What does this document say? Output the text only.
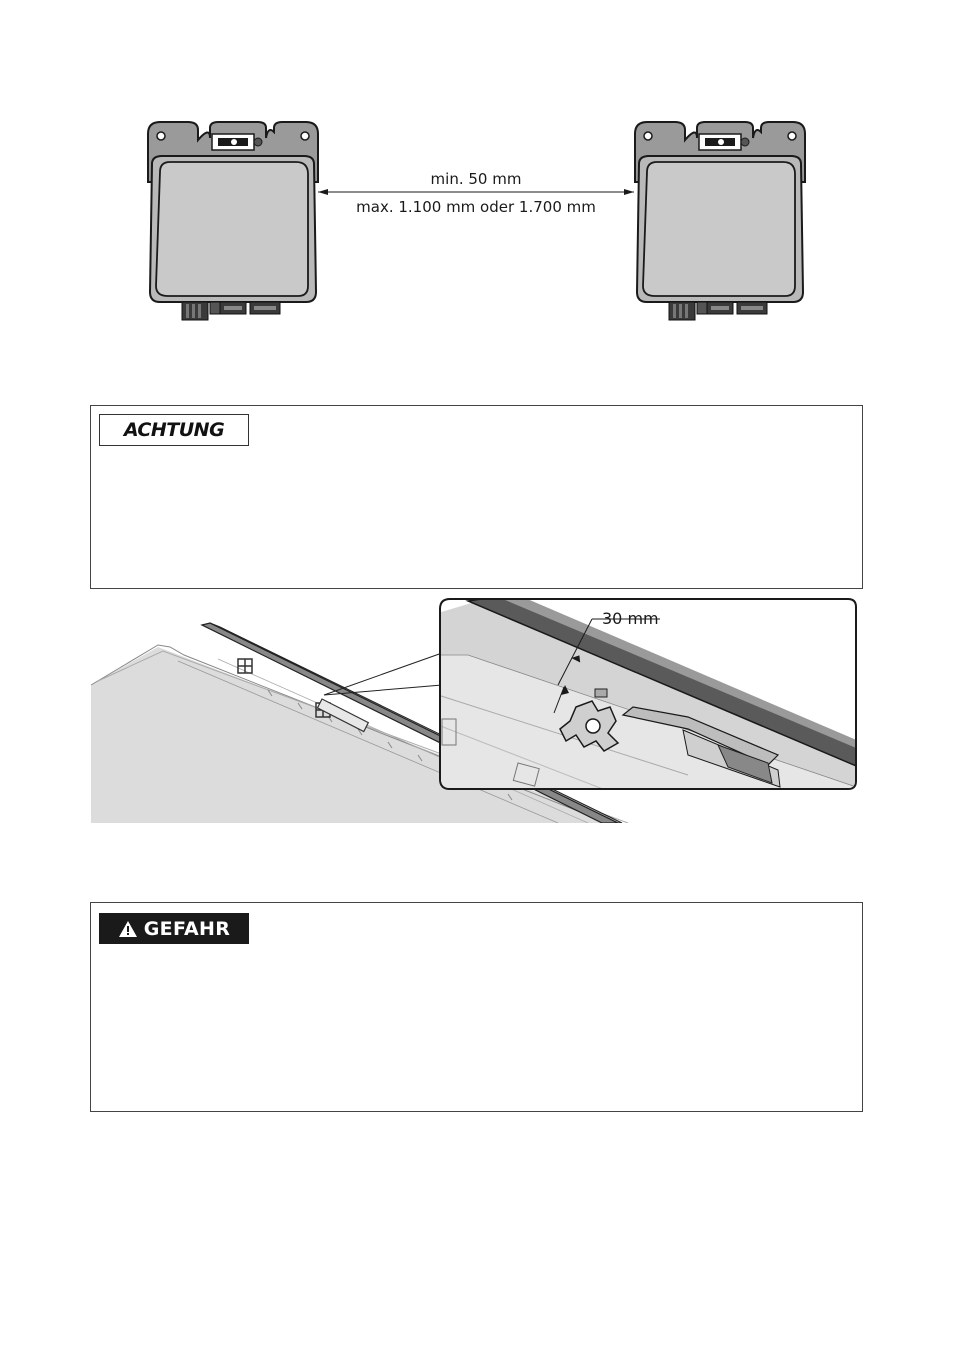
min. 50 mm
max. 1.100 mm oder 1.700 mm
ACHTUNG
30 mm
GEFAHR
